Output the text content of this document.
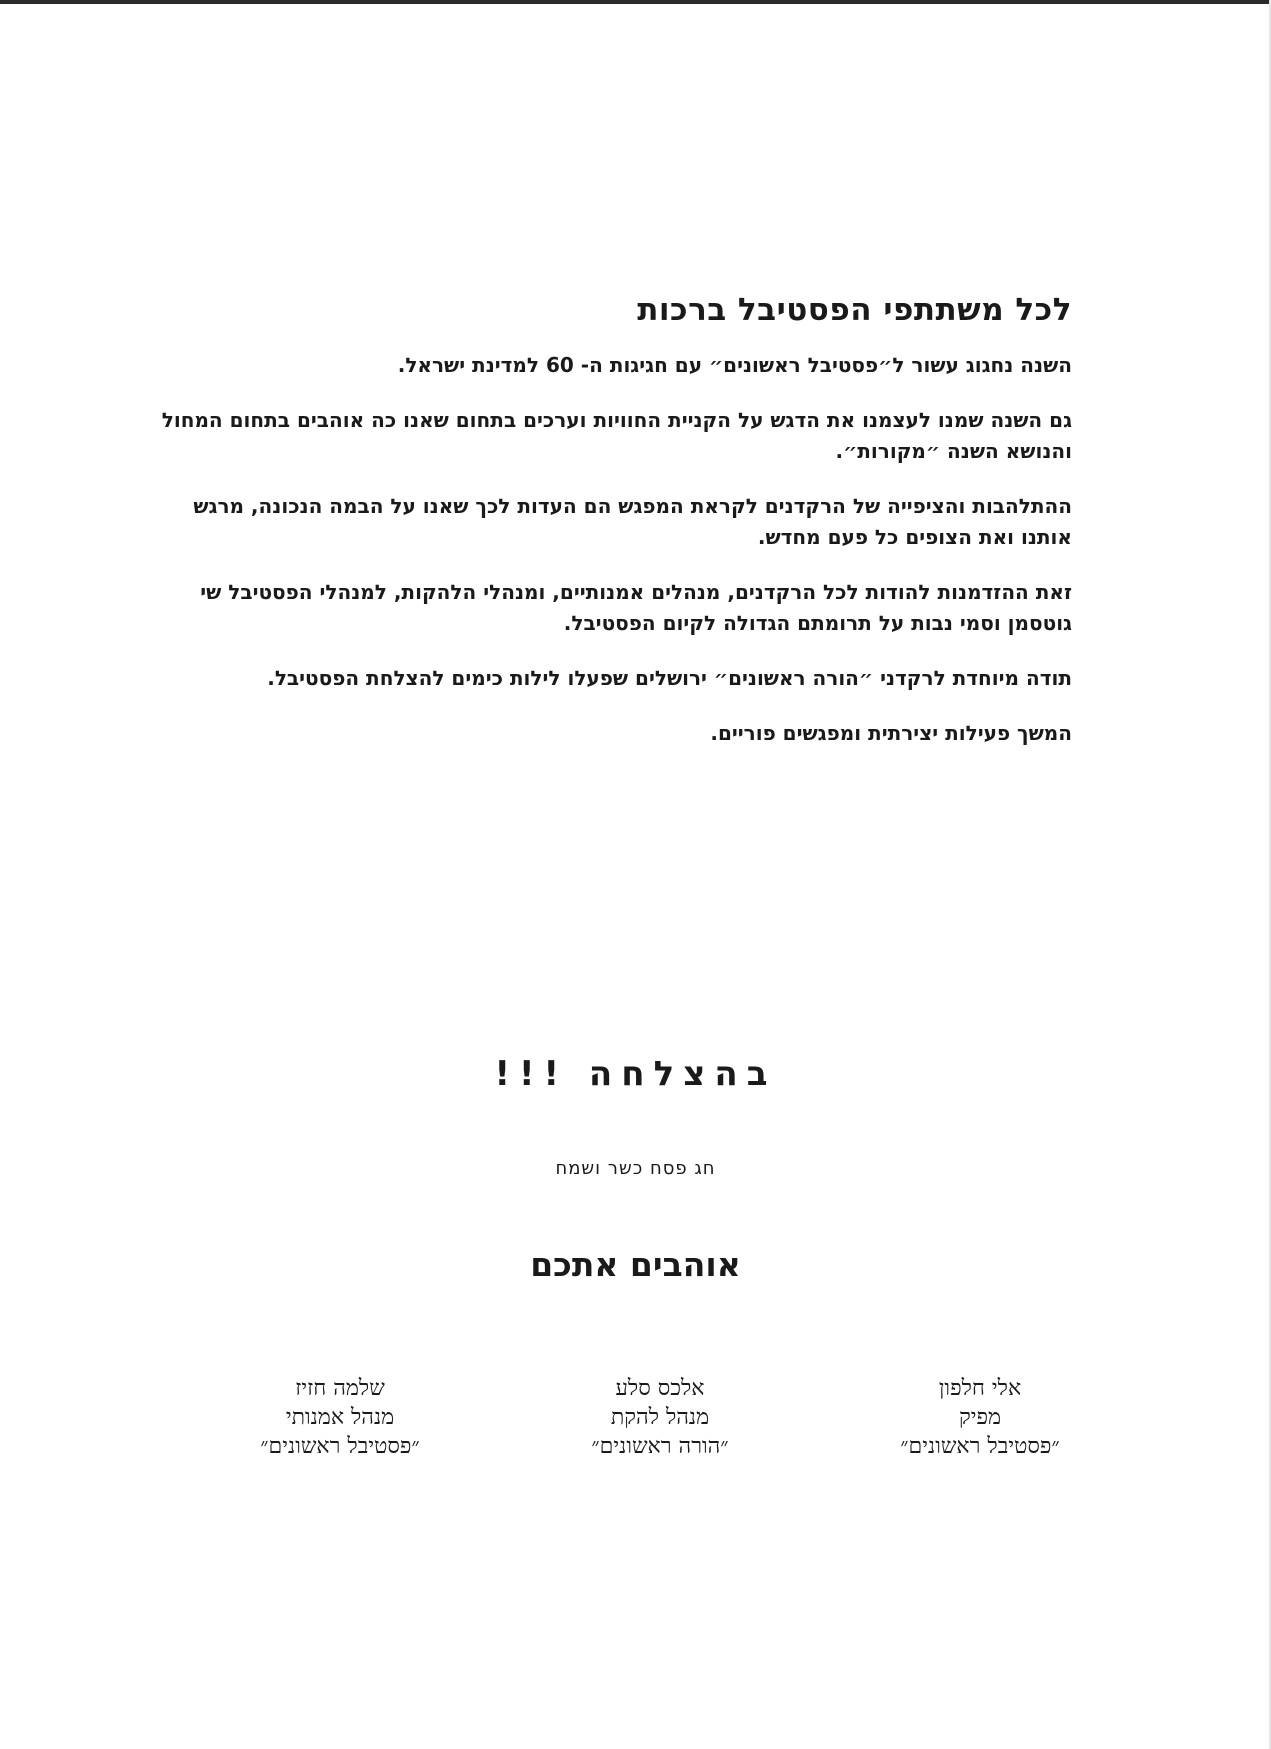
לכל משתתפי הפסטיבל ברכות

השנה נחגוג עשור ל״פסטיבל ראשונים״ עם חגיגות ה- 60 למדינת ישראל.

גם השנה שמנו לעצמנו את הדגש על הקניית החוויות וערכים בתחום שאנו כה אוהבים בתחום המחול והנושא השנה ״מקורות״.

ההתלהבות והציפייה של הרקדנים לקראת המפגש הם העדות לכך שאנו על הבמה הנכונה, מרגש אותנו ואת הצופים כל פעם מחדש.

זאת ההזדמנות להודות לכל הרקדנים, מנהלים אמנותיים, ומנהלי הלהקות, למנהלי הפסטיבל שי גוטסמן וסמי נבות על תרומתם הגדולה לקיום הפסטיבל.

תודה מיוחדת לרקדני ״הורה ראשונים״ ירושלים שפעלו לילות כימים להצלחת הפסטיבל.

המשך פעילות יצירתית ומפגשים פוריים.

בהצלחה !!!
חג פסח כשר ושמח
אוהבים אתכם
שלמה חזיז
מנהל אמנותי
״פסטיבל ראשונים״
אלכס סלע
מנהל להקת
״הורה ראשונים״
אלי חלפון
מפיק
״פסטיבל ראשונים״
